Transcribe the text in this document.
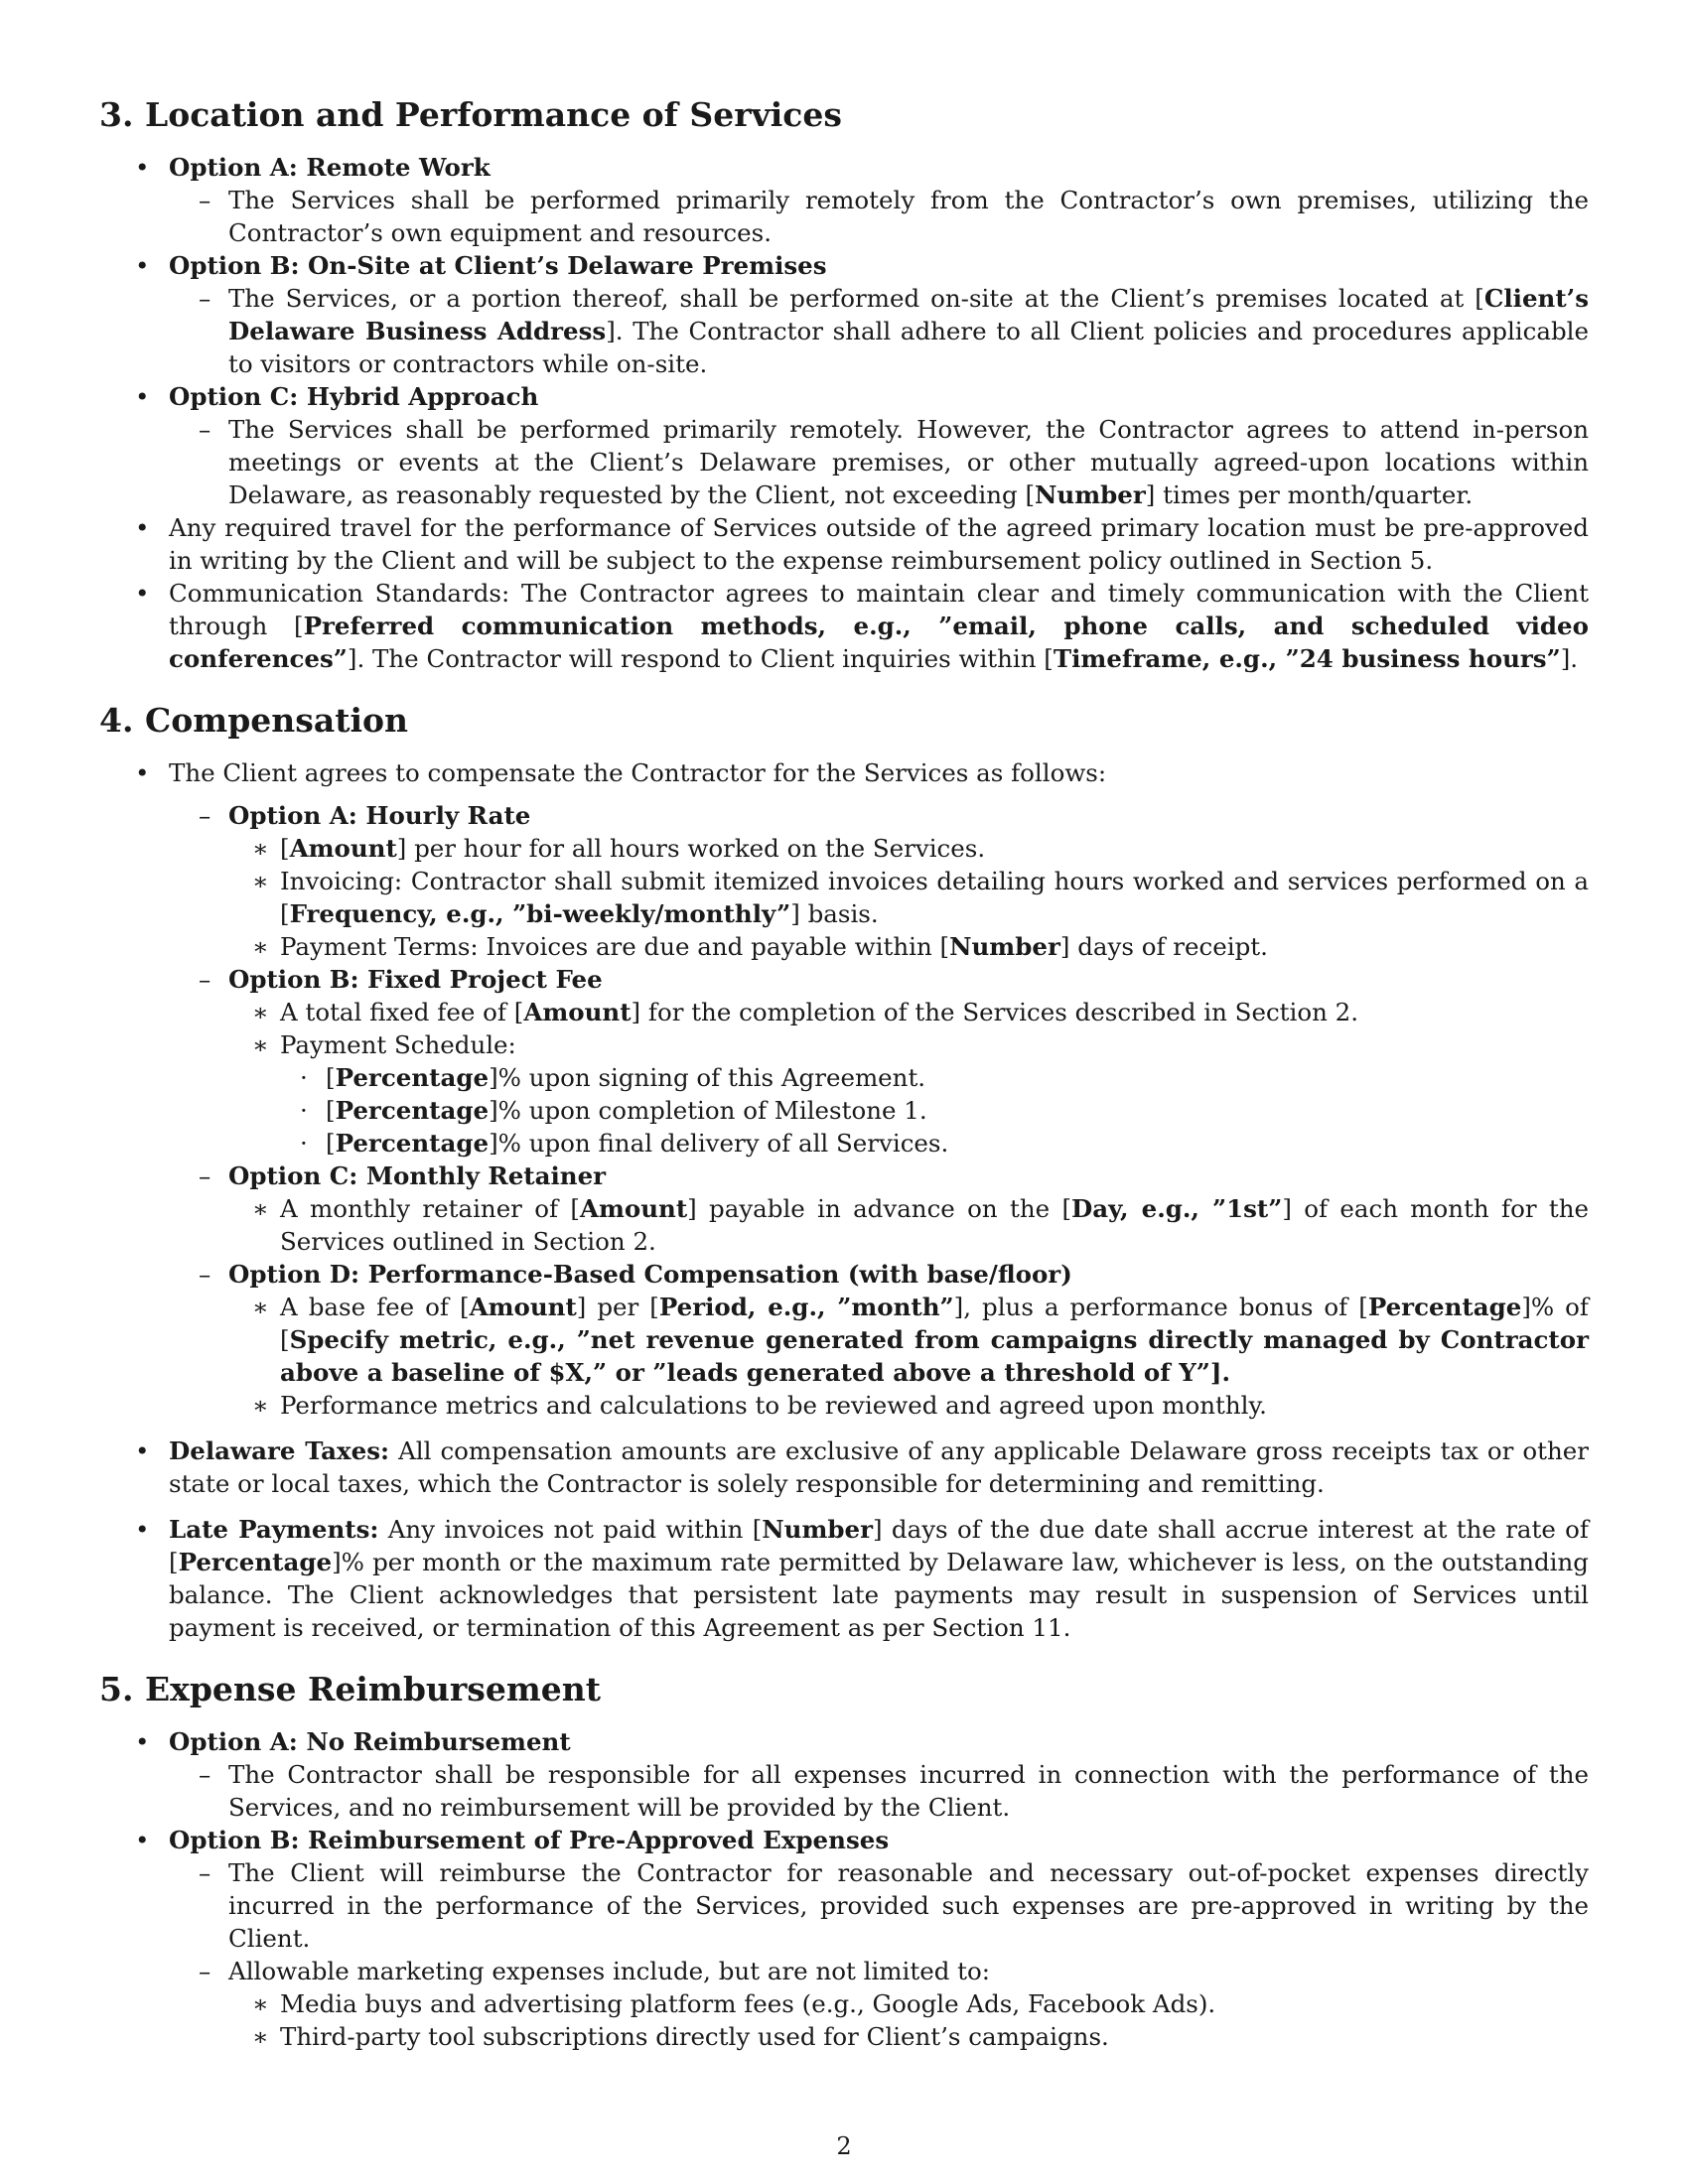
3. Location and Performance of Services
• Option A: Remote Work
– The Services shall be performed primarily remotely from the Contractor’s own premises, utilizing the Contractor’s own equipment and resources.
• Option B: On-Site at Client’s Delaware Premises
– The Services, or a portion thereof, shall be performed on-site at the Client’s premises located at [Client’s Delaware Business Address]. The Contractor shall adhere to all Client policies and procedures applicable to visitors or contractors while on-site.
• Option C: Hybrid Approach
– The Services shall be performed primarily remotely. However, the Contractor agrees to attend in-person meetings or events at the Client’s Delaware premises, or other mutually agreed-upon locations within Delaware, as reasonably requested by the Client, not exceeding [Number] times per month/quarter.
• Any required travel for the performance of Services outside of the agreed primary location must be pre-approved in writing by the Client and will be subject to the expense reimbursement policy outlined in Section 5.
• Communication Standards: The Contractor agrees to maintain clear and timely communication with the Client through [Preferred communication methods, e.g., ”email, phone calls, and scheduled video conferences”]. The Contractor will respond to Client inquiries within [Timeframe, e.g., ”24 business hours”].
4. Compensation
• The Client agrees to compensate the Contractor for the Services as follows:
– Option A: Hourly Rate
∗ [Amount] per hour for all hours worked on the Services.
∗ Invoicing: Contractor shall submit itemized invoices detailing hours worked and services performed on a [Frequency, e.g., ”bi-weekly/monthly”] basis.
∗ Payment Terms: Invoices are due and payable within [Number] days of receipt.
– Option B: Fixed Project Fee
∗ A total fixed fee of [Amount] for the completion of the Services described in Section 2.
∗ Payment Schedule:
· [Percentage]% upon signing of this Agreement.
· [Percentage]% upon completion of Milestone 1.
· [Percentage]% upon final delivery of all Services.
– Option C: Monthly Retainer
∗ A monthly retainer of [Amount] payable in advance on the [Day, e.g., ”1st”] of each month for the Services outlined in Section 2.
– Option D: Performance-Based Compensation (with base/floor)
∗ A base fee of [Amount] per [Period, e.g., ”month”], plus a performance bonus of [Percentage]% of [Specify metric, e.g., ”net revenue generated from campaigns directly managed by Contractor above a baseline of $X,” or ”leads generated above a threshold of Y”].
∗ Performance metrics and calculations to be reviewed and agreed upon monthly.
• Delaware Taxes: All compensation amounts are exclusive of any applicable Delaware gross receipts tax or other state or local taxes, which the Contractor is solely responsible for determining and remitting.
• Late Payments: Any invoices not paid within [Number] days of the due date shall accrue interest at the rate of [Percentage]% per month or the maximum rate permitted by Delaware law, whichever is less, on the outstanding balance. The Client acknowledges that persistent late payments may result in suspension of Services until payment is received, or termination of this Agreement as per Section 11.
5. Expense Reimbursement
• Option A: No Reimbursement
– The Contractor shall be responsible for all expenses incurred in connection with the performance of the Services, and no reimbursement will be provided by the Client.
• Option B: Reimbursement of Pre-Approved Expenses
– The Client will reimburse the Contractor for reasonable and necessary out-of-pocket expenses directly incurred in the performance of the Services, provided such expenses are pre-approved in writing by the Client.
– Allowable marketing expenses include, but are not limited to:
∗ Media buys and advertising platform fees (e.g., Google Ads, Facebook Ads).
∗ Third-party tool subscriptions directly used for Client’s campaigns.
2
